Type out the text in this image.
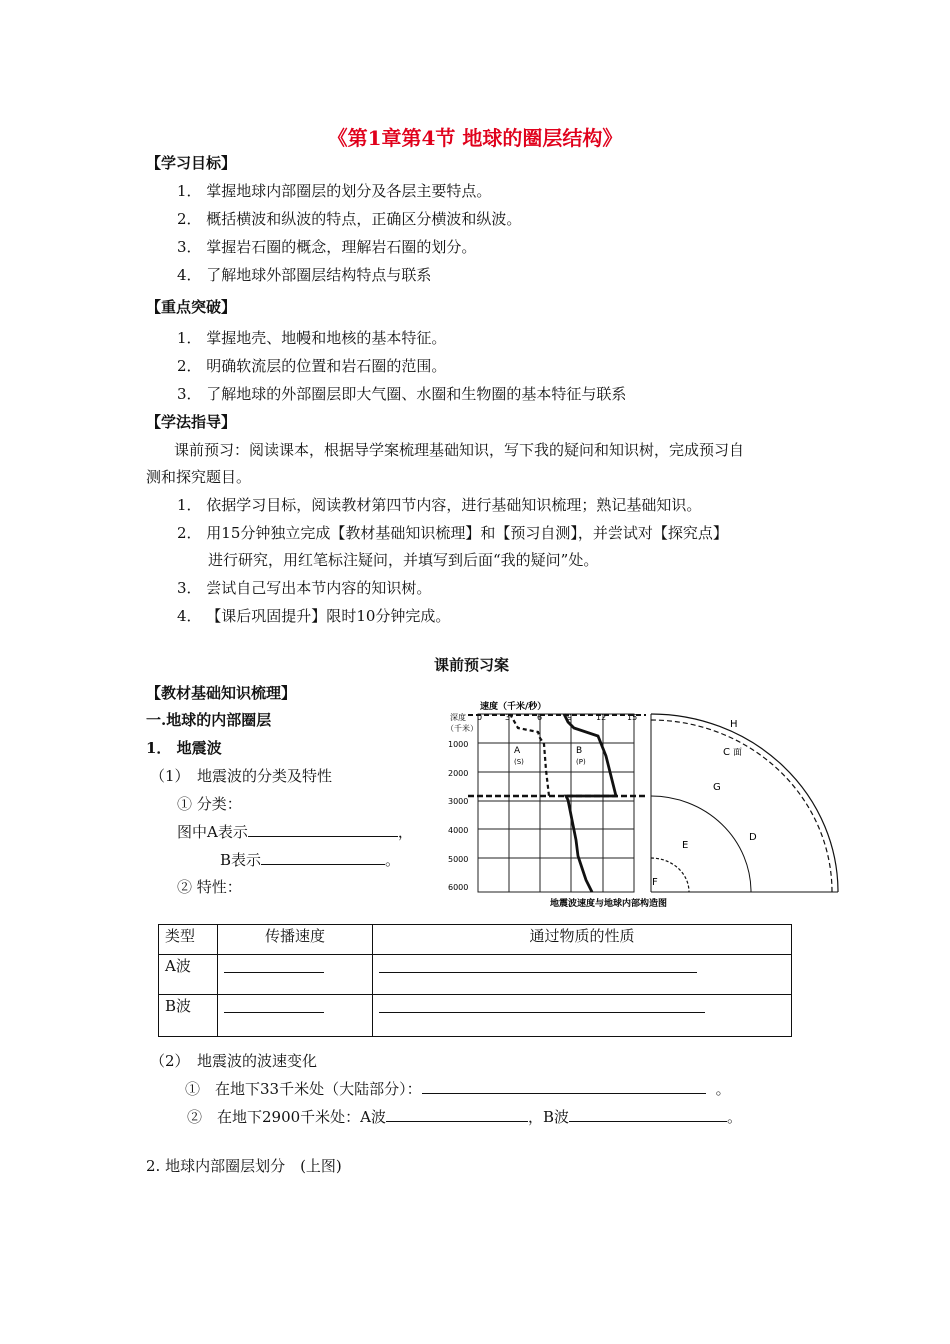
《第1章第4节 地球的圈层结构》
【学习目标】
1． 掌握地球内部圈层的划分及各层主要特点。
2． 概括横波和纵波的特点，正确区分横波和纵波。
3． 掌握岩石圈的概念，理解岩石圈的划分。
4． 了解地球外部圈层结构特点与联系
【重点突破】
1． 掌握地壳、地幔和地核的基本特征。
2． 明确软流层的位置和岩石圈的范围。
3． 了解地球的外部圈层即大气圈、水圈和生物圈的基本特征与联系
【学法指导】
课前预习：阅读课本，根据导学案梳理基础知识，写下我的疑问和知识树，完成预习自
测和探究题目。
1． 依据学习目标，阅读教材第四节内容，进行基础知识梳理；熟记基础知识。
2． 用15分钟独立完成【教材基础知识梳理】和【预习自测】，并尝试对【探究点】
进行研究，用红笔标注疑问，并填写到后面“我的疑问”处。
3． 尝试自己写出本节内容的知识树。
4． 【课后巩固提升】限时10分钟完成。
课前预习案
【教材基础知识梳理】
一.地球的内部圈层
1． 地震波
（1）　地震波的分类及特性
① 分类：
图中A表示	，
B表示	。
② 特性：
速度（千米/秒）
0	3	6	9	12	15
深度
（千米）
1000
2000
3000
4000
5000
6000
A
(S)
B
(P)
H
C 面
G
D
E
F
地震波速度与地球内部构造图
类型	传播速度	通过物质的性质
A波		
B波		
（2）　地震波的波速变化
①　在地下33千米处（大陆部分）：	。
②　在地下2900千米处：A波	，B波	。
2. 地球内部圈层划分　(上图)
